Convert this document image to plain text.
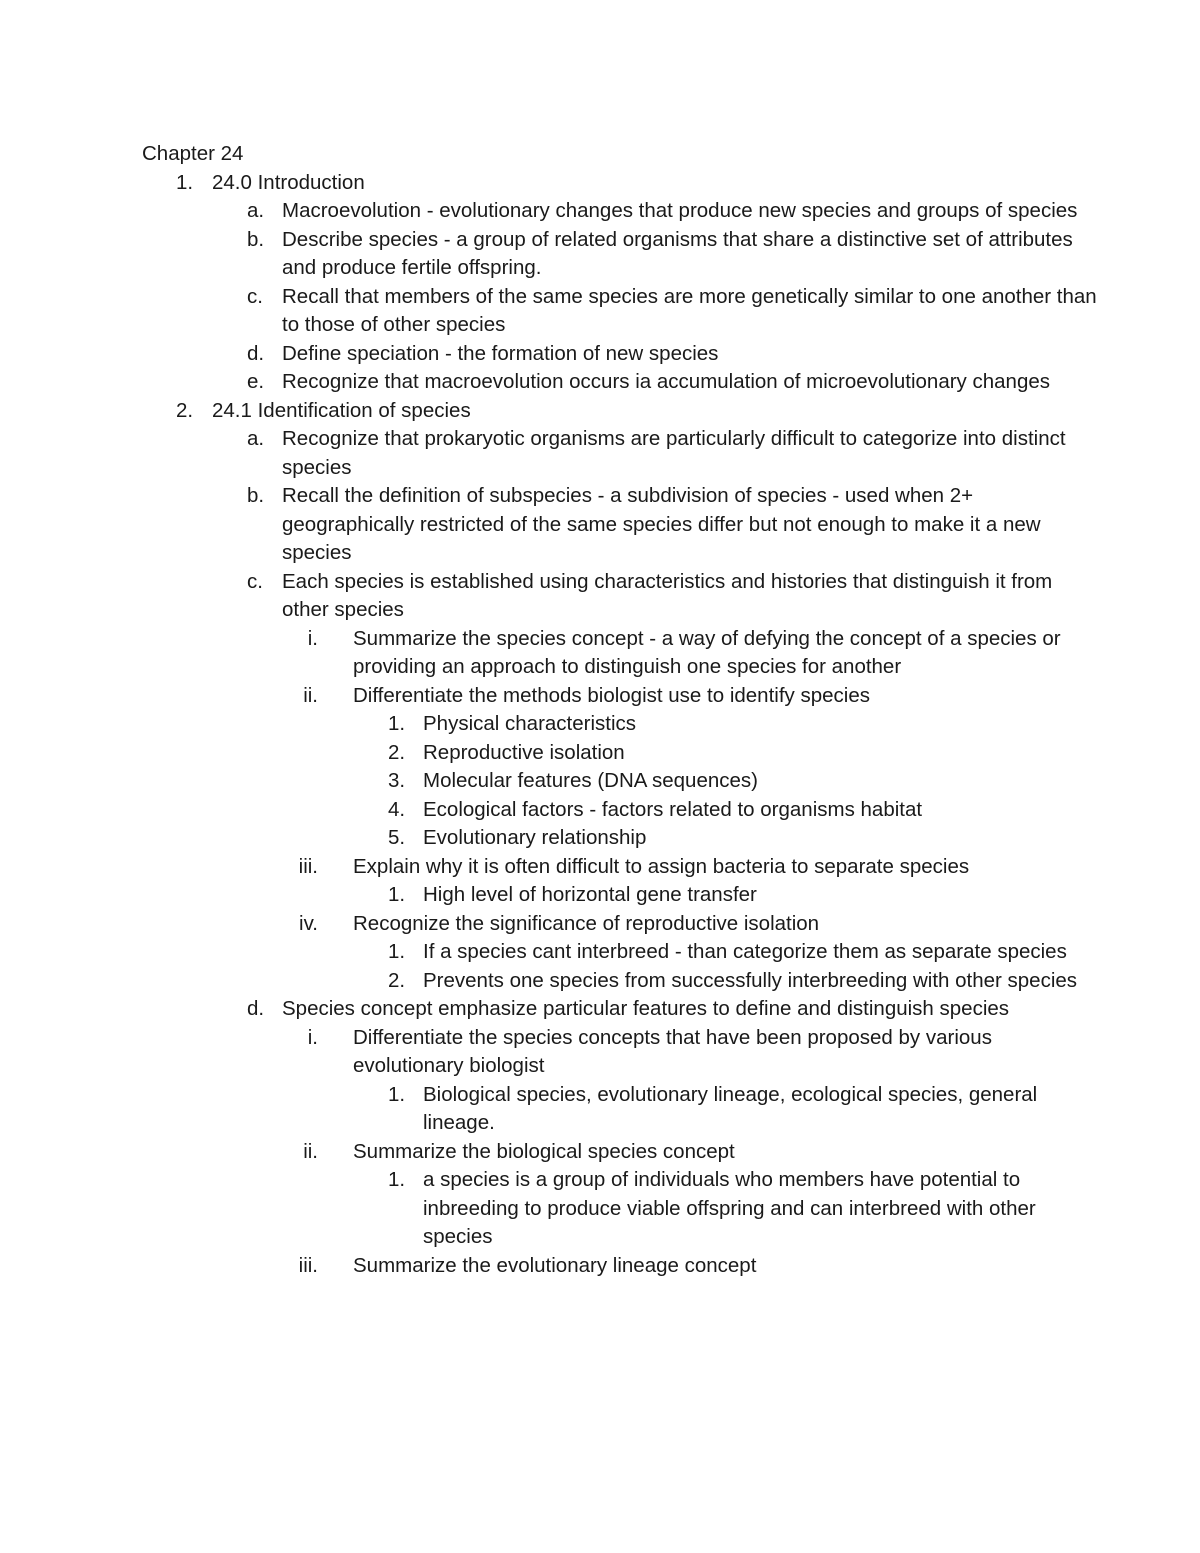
Chapter 24
1. 24.0 Introduction
a. Macroevolution - evolutionary changes that produce new species and groups of species
b. Describe species - a group of related organisms that share a distinctive set of attributes and produce fertile offspring.
c. Recall that members of the same species are more genetically similar to one another than to those of other species
d. Define speciation - the formation of new species
e. Recognize that macroevolution occurs ia accumulation of microevolutionary changes
2. 24.1 Identification of species
a. Recognize that prokaryotic organisms are particularly difficult to categorize into distinct species
b. Recall the definition of subspecies - a subdivision of species - used when 2+ geographically restricted of the same species differ but not enough to make it a new species
c. Each species is established using characteristics and histories that distinguish it from other species
i. Summarize the species concept - a way of defying the concept of a species or providing an approach to distinguish one species for another
ii. Differentiate the methods biologist use to identify species
1. Physical characteristics
2. Reproductive isolation
3. Molecular features (DNA sequences)
4. Ecological factors - factors related to organisms habitat
5. Evolutionary relationship
iii. Explain why it is often difficult to assign bacteria to separate species
1. High level of horizontal gene transfer
iv. Recognize the significance of reproductive isolation
1. If a species cant interbreed - than categorize them as separate species
2. Prevents one species from successfully interbreeding with other species
d. Species concept emphasize particular features to define and distinguish species
i. Differentiate the species concepts that have been proposed by various evolutionary biologist
1. Biological species, evolutionary lineage, ecological species, general lineage.
ii. Summarize the biological species concept
1. a species is a group of individuals who members have potential to inbreeding to produce viable offspring and can interbreed with other species
iii. Summarize the evolutionary lineage concept
